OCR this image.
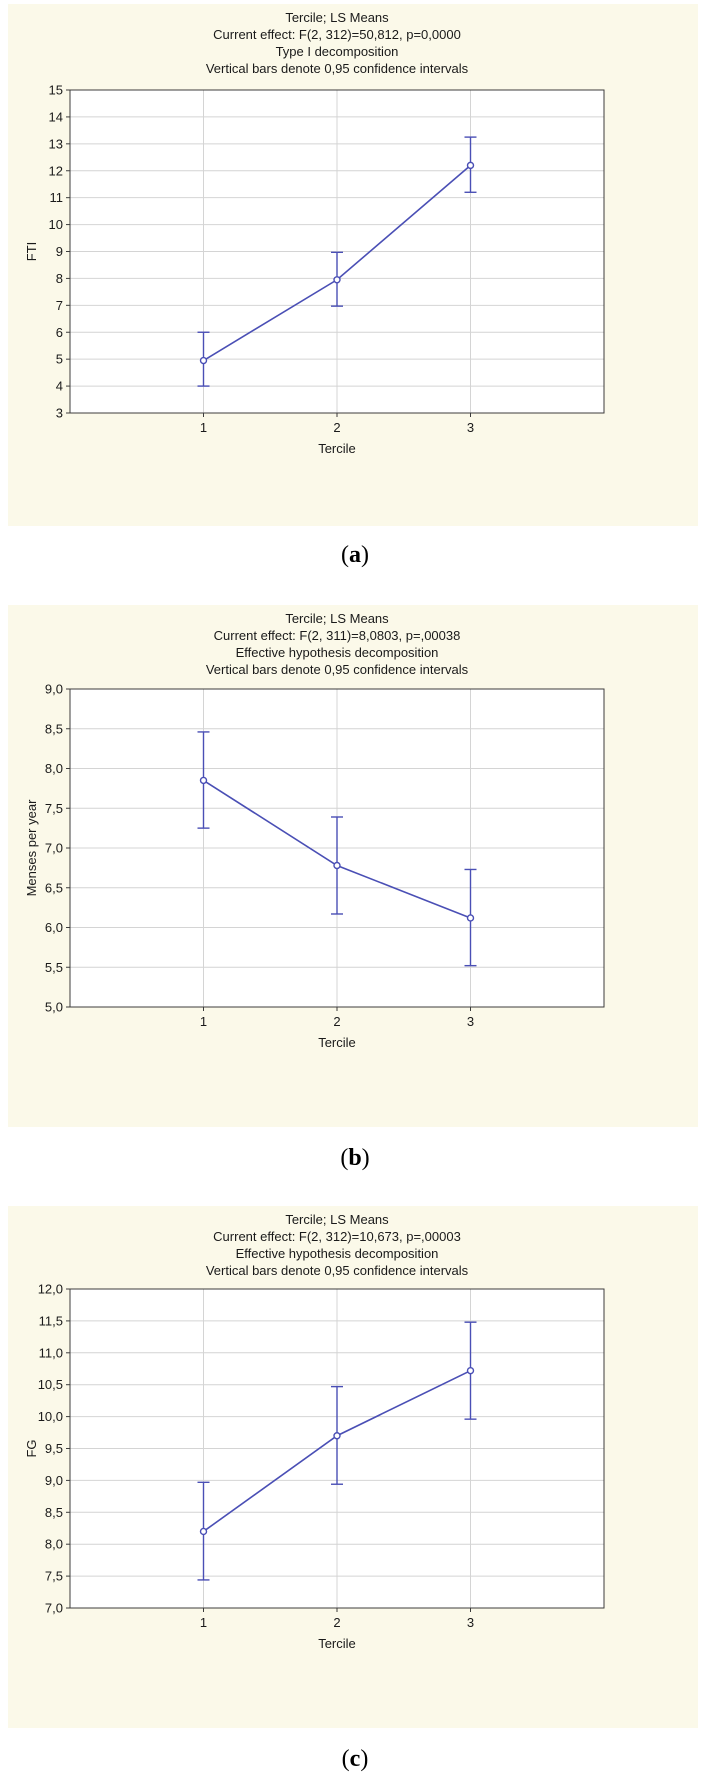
Tercile; LS Means
Current effect: F(2, 312)=50,812, p=0,0000
Type I decomposition
Vertical bars denote 0,95 confidence intervals
3
4
5
6
7
8
9
10
11
12
13
14
15
1	2	3
Tercile
FTI
(a)
Tercile; LS Means
Current effect: F(2, 311)=8,0803, p=,00038
Effective hypothesis decomposition
Vertical bars denote 0,95 confidence intervals
5,0
5,5
6,0
6,5
7,0
7,5
8,0
8,5
9,0
1	2	3
Tercile
Menses per year
(b)
Tercile; LS Means
Current effect: F(2, 312)=10,673, p=,00003
Effective hypothesis decomposition
Vertical bars denote 0,95 confidence intervals
7,0
7,5
8,0
8,5
9,0
9,5
10,0
10,5
11,0
11,5
12,0
1	2	3
Tercile
FG
(c)
